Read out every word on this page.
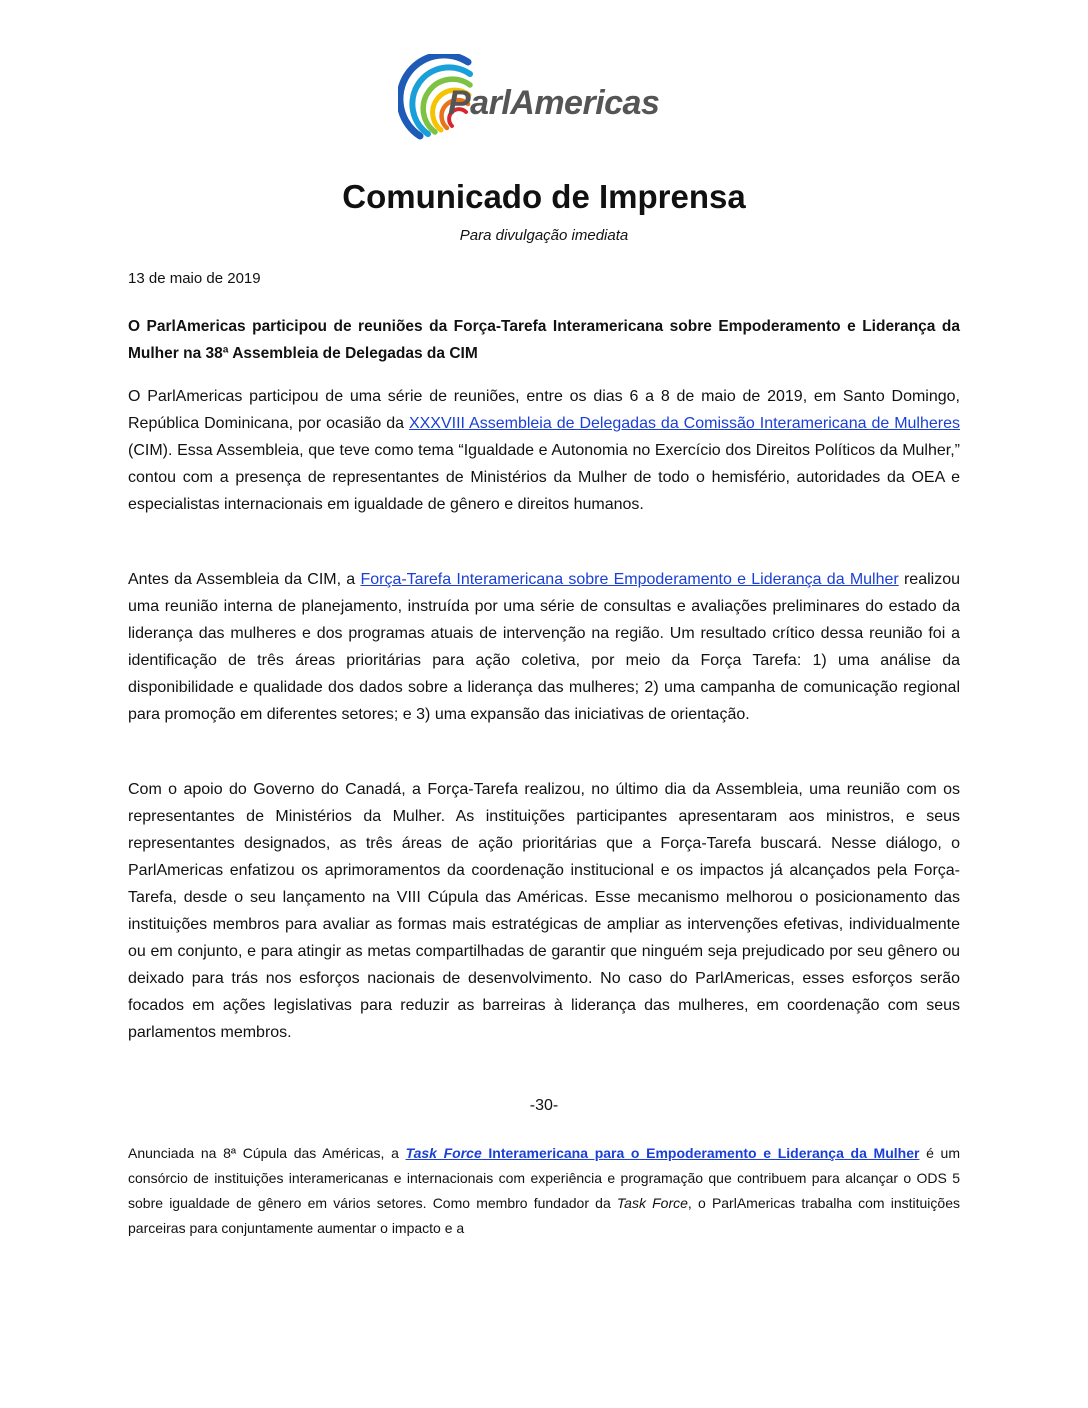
ParlAmericas
Comunicado de Imprensa
Para divulgação imediata
13 de maio de 2019
O ParlAmericas participou de reuniões da Força-Tarefa Interamericana sobre Empoderamento e Liderança da Mulher na 38ª Assembleia de Delegadas da CIM

O ParlAmericas participou de uma série de reuniões, entre os dias 6 a 8 de maio de 2019, em Santo Domingo, República Dominicana, por ocasião da XXXVIII Assembleia de Delegadas da Comissão Interamericana de Mulheres (CIM). Essa Assembleia, que teve como tema “Igualdade e Autonomia no Exercício dos Direitos Políticos da Mulher,” contou com a presença de representantes de Ministérios da Mulher de todo o hemisfério, autoridades da OEA e especialistas internacionais em igualdade de gênero e direitos humanos.

Antes da Assembleia da CIM, a Força-Tarefa Interamericana sobre Empoderamento e Liderança da Mulher realizou uma reunião interna de planejamento, instruída por uma série de consultas e avaliações preliminares do estado da liderança das mulheres e dos programas atuais de intervenção na região. Um resultado crítico dessa reunião foi a identificação de três áreas prioritárias para ação coletiva, por meio da Força Tarefa: 1) uma análise da disponibilidade e qualidade dos dados sobre a liderança das mulheres; 2) uma campanha de comunicação regional para promoção em diferentes setores; e 3) uma expansão das iniciativas de orientação.

Com o apoio do Governo do Canadá, a Força-Tarefa realizou, no último dia da Assembleia, uma reunião com os representantes de Ministérios da Mulher. As instituições participantes apresentaram aos ministros, e seus representantes designados, as três áreas de ação prioritárias que a Força-Tarefa buscará. Nesse diálogo, o ParlAmericas enfatizou os aprimoramentos da coordenação institucional e os impactos já alcançados pela Força-Tarefa, desde o seu lançamento na VIII Cúpula das Américas. Esse mecanismo melhorou o posicionamento das instituições membros para avaliar as formas mais estratégicas de ampliar as intervenções efetivas, individualmente ou em conjunto, e para atingir as metas compartilhadas de garantir que ninguém seja prejudicado por seu gênero ou deixado para trás nos esforços nacionais de desenvolvimento. No caso do ParlAmericas, esses esforços serão focados em ações legislativas para reduzir as barreiras à liderança das mulheres, em coordenação com seus parlamentos membros.

-30-

Anunciada na 8ª Cúpula das Américas, a Task Force Interamericana para o Empoderamento e Liderança da Mulher é um consórcio de instituições interamericanas e internacionais com experiência e programação que contribuem para alcançar o ODS 5 sobre igualdade de gênero em vários setores. Como membro fundador da Task Force, o ParlAmericas trabalha com instituições parceiras para conjuntamente aumentar o impacto e a
